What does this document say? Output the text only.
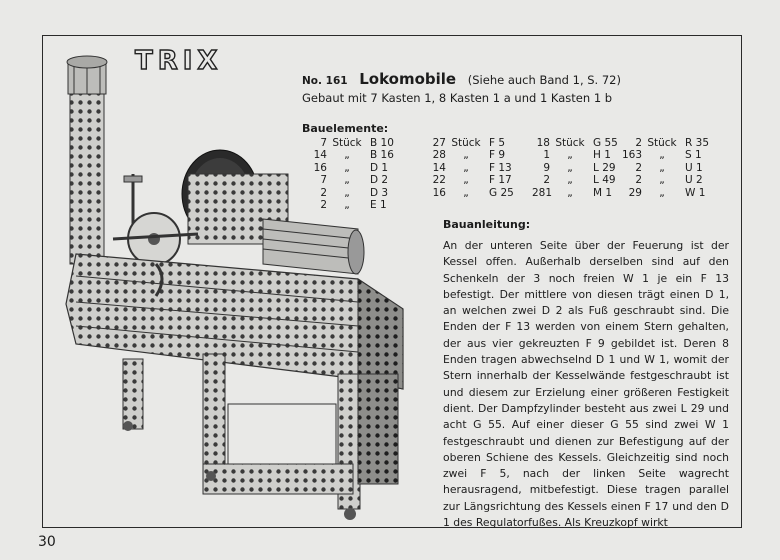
TRIX
No. 161 Lokomobile (Siehe auch Band 1, S. 72)
Gebaut mit 7 Kasten 1, 8 Kasten 1 a und 1 Kasten 1 b
Bauelemente:
7 Stück B 10
14	„	B 16
16	„	D 1
7	„	D 2
2	„	D 3
2	„	E 1
27 Stück F 5
28	„	F 9
14	„	F 13
22	„	F 17
16	„	G 25
18 Stück G 55
1	„	H 1
9	„	L 29
2	„	L 49
281	„	M 1
2 Stück R 35
163	„	S 1
2	„	U 1
2	„	U 2
29	„	W 1
Bauanleitung:
An der unteren Seite über der Feuerung ist der Kessel offen. Außerhalb derselben sind auf den Schenkeln der 3 noch freien W 1 je ein F 13 befestigt. Der mittlere von diesen trägt einen D 1, an welchen zwei D 2 als Fuß geschraubt sind. Die Enden der F 13 werden von einem Stern gehalten, der aus vier gekreuzten F 9 gebildet ist. Deren 8 Enden tragen abwechselnd D 1 und W 1, womit der Stern innerhalb der Kesselwände festgeschraubt ist und diesem zur Erzielung einer größeren Festigkeit dient. Der Dampfzylinder besteht aus zwei L 29 und acht G 55. Auf einer dieser G 55 sind zwei W 1 festgeschraubt und dienen zur Befestigung auf der oberen Schiene des Kessels. Gleichzeitig sind noch zwei F 5, nach der linken Seite wagrecht herausragend, mitbefestigt. Diese tragen parallel zur Längsrichtung des Kessels einen F 17 und den D 1 des Regulatorfußes. Als Kreuzkopf wirkt
30
